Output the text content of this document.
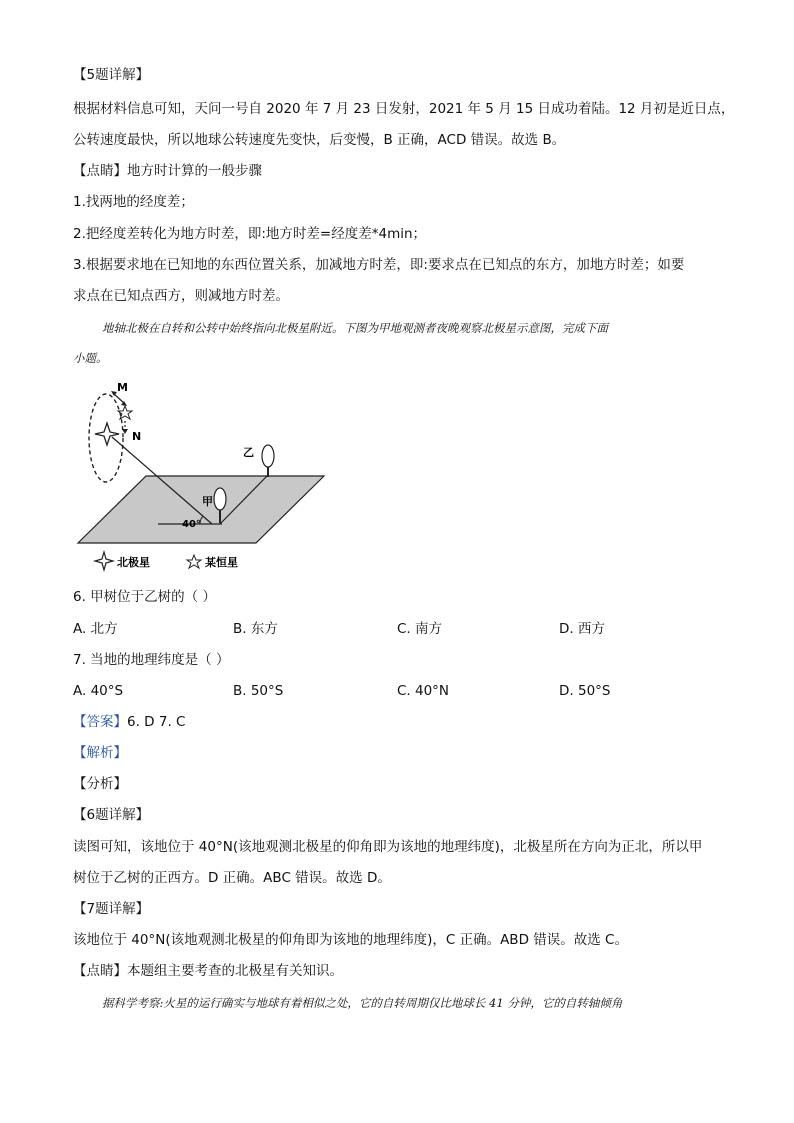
【5题详解】
根据材料信息可知，天问一号自 2020 年 7 月 23 日发射，2021 年 5 月 15 日成功着陆。12 月初是近日点，
公转速度最快，所以地球公转速度先变快，后变慢，B 正确，ACD 错误。故选 B。
【点睛】地方时计算的一般步骤
1.找两地的经度差；
2.把经度差转化为地方时差，即:地方时差=经度差*4min；
3.根据要求地在已知地的东西位置关系，加减地方时差，即:要求点在已知点的东方，加地方时差；如要
求点在已知点西方，则减地方时差。
地轴北极在自转和公转中始终指向北极星附近。下图为甲地观测者夜晚观察北极星示意图，完成下面
小题。
M
N
40°
甲
乙
北极星	某恒星
6. 甲树位于乙树的（ ）
A. 北方	B. 东方	C. 南方	D. 西方
7. 当地的地理纬度是（ ）
A. 40°S	B. 50°S	C. 40°N	D. 50°S
【答案】6. D 7. C
【解析】
【分析】
【6题详解】
读图可知，该地位于 40°N(该地观测北极星的仰角即为该地的地理纬度)，北极星所在方向为正北，所以甲
树位于乙树的正西方。D 正确。ABC 错误。故选 D。
【7题详解】
该地位于 40°N(该地观测北极星的仰角即为该地的地理纬度)，C 正确。ABD 错误。故选 C。
【点睛】本题组主要考查的北极星有关知识。
据科学考察:火星的运行确实与地球有着相似之处，它的自转周期仅比地球长 41 分钟，它的自转轴倾角
